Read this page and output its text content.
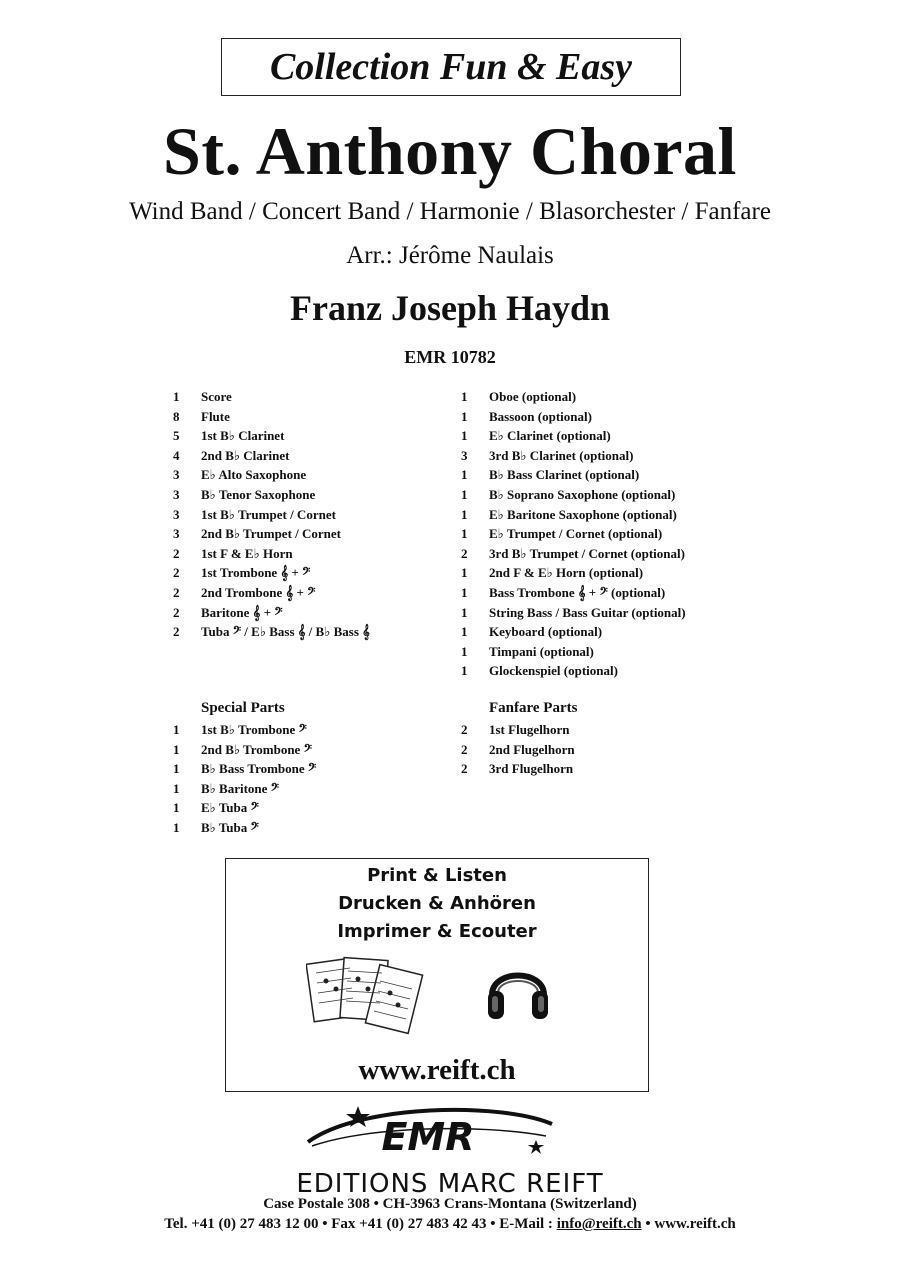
Collection Fun & Easy
St. Anthony Choral
Wind Band / Concert Band / Harmonie / Blasorchester / Fanfare
Arr.: Jérôme Naulais
Franz Joseph Haydn
EMR 10782
1	Score
8	Flute
5	1st B♭ Clarinet
4	2nd B♭ Clarinet
3	E♭ Alto Saxophone
3	B♭ Tenor Saxophone
3	1st B♭ Trumpet / Cornet
3	2nd B♭ Trumpet / Cornet
2	1st F & E♭ Horn
2	1st Trombone 𝄞 + 𝄢
2	2nd Trombone 𝄞 + 𝄢
2	Baritone 𝄞 + 𝄢
2	Tuba 𝄢 / E♭ Bass 𝄞 / B♭ Bass 𝄞
1	Oboe (optional)
1	Bassoon (optional)
1	E♭ Clarinet (optional)
3	3rd B♭ Clarinet (optional)
1	B♭ Bass Clarinet (optional)
1	B♭ Soprano Saxophone (optional)
1	E♭ Baritone Saxophone (optional)
1	E♭ Trumpet / Cornet (optional)
2	3rd B♭ Trumpet / Cornet (optional)
1	2nd F & E♭ Horn (optional)
1	Bass Trombone 𝄞 + 𝄢 (optional)
1	String Bass / Bass Guitar (optional)
1	Keyboard (optional)
1	Timpani (optional)
1	Glockenspiel (optional)
Special Parts
1	1st B♭ Trombone 𝄢
1	2nd B♭ Trombone 𝄢
1	B♭ Bass Trombone 𝄢
1	B♭ Baritone 𝄢
1	E♭ Tuba 𝄢
1	B♭ Tuba 𝄢
Fanfare Parts
2	1st Flugelhorn
2	2nd Flugelhorn
2	3rd Flugelhorn
Print & Listen
Drucken & Anhören
Imprimer & Ecouter
www.reift.ch
EMR
EDITIONS MARC REIFT
Case Postale 308 • CH-3963 Crans-Montana (Switzerland)
Tel. +41 (0) 27 483 12 00 • Fax +41 (0) 27 483 42 43 • E-Mail : info@reift.ch • www.reift.ch
